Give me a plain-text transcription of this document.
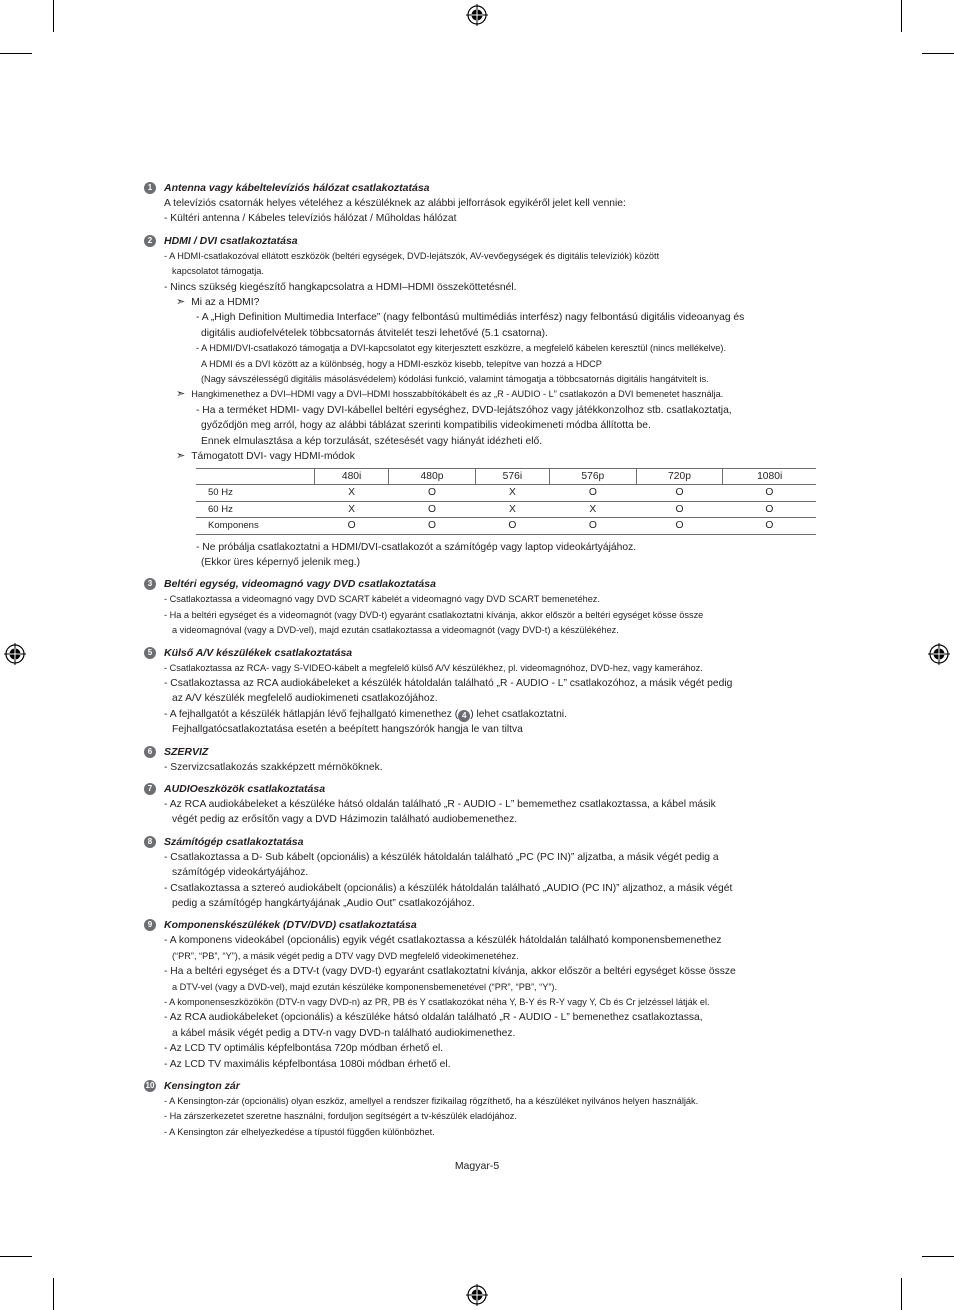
1	Antenna vagy kábeltelevíziós hálózat csatlakoztatása
A televíziós csatornák helyes vételéhez a készüléknek az alábbi jelforrások egyikéről jelet kell vennie:
- Kültéri antenna / Kábeles televíziós hálózat / Műholdas hálózat
2	HDMI / DVI csatlakoztatása
- A HDMI-csatlakozóval ellátott eszközök (beltéri egységek, DVD-lejátszók, AV-vevőegységek és digitális televíziók) között
kapcsolatot támogatja.
- Nincs szükség kiegészítő hangkapcsolatra a HDMI–HDMI összeköttetésnél.
➣ Mi az a HDMI?
- A „High Definition Multimedia Interface” (nagy felbontású multimédiás interfész) nagy felbontású digitális videoanyag és
digitális audiofelvételek többcsatornás átvitelét teszi lehetővé (5.1 csatorna).
- A HDMI/DVI-csatlakozó támogatja a DVI-kapcsolatot egy kiterjesztett eszközre, a megfelelő kábelen keresztül (nincs mellékelve).
A HDMI és a DVI között az a különbség, hogy a HDMI-eszköz kisebb, telepítve van hozzá a HDCP
(Nagy sávszélességű digitális másolásvédelem) kódolási funkció, valamint támogatja a többcsatornás digitális hangátvitelt is.
➣ Hangkimenethez a DVI–HDMI vagy a DVI–HDMI hosszabbítókábelt és az „R - AUDIO - L” csatlakozón a DVI bemenetet használja.
- Ha a terméket HDMI- vagy DVI-kábellel beltéri egységhez, DVD-lejátszóhoz vagy játékkonzolhoz stb. csatlakoztatja,
győződjön meg arról, hogy az alábbi táblázat szerinti kompatibilis videokimeneti módba állította be.
Ennek elmulasztása a kép torzulását, szétesését vagy hiányát idézheti elő.
➣ Támogatott DVI- vagy HDMI-módok
	480i	480p	576i	576p	720p	1080i
50 Hz	X	O	X	O	O	O
60 Hz	X	O	X	X	O	O
Komponens	O	O	O	O	O	O
- Ne próbálja csatlakoztatni a HDMI/DVI-csatlakozót a számítógép vagy laptop videokártyájához.
(Ekkor üres képernyő jelenik meg.)
3	Beltéri egység, videomagnó vagy DVD csatlakoztatása
- Csatlakoztassa a videomagnó vagy DVD SCART kábelét a videomagnó vagy DVD SCART bemenetéhez.
- Ha a beltéri egységet és a videomagnót (vagy DVD-t) egyaránt csatlakoztatni kívánja, akkor először a beltéri egységet kösse össze
a videomagnóval (vagy a DVD-vel), majd ezután csatlakoztassa a videomagnót (vagy DVD-t) a készülékéhez.
5	Külső A/V készülékek csatlakoztatása
- Csatlakoztassa az RCA- vagy S-VIDEO-kábelt a megfelelő külső A/V készülékhez, pl. videomagnóhoz, DVD-hez, vagy kamerához.
- Csatlakoztassa az RCA audiokábeleket a készülék hátoldalán található „R - AUDIO - L” csatlakozóhoz, a másik végét pedig
az A/V készülék megfelelő audiokimeneti csatlakozójához.
- A fejhallgatót a készülék hátlapján lévő fejhallgató kimenethez ( 4 ) lehet csatlakoztatni.
Fejhallgatócsatlakoztatása esetén a beépített hangszórók hangja le van tiltva
6	SZERVIZ
- Szervizcsatlakozás szakképzett mérnököknek.
7	AUDIOeszközök csatlakoztatása
- Az RCA audiokábeleket a készüléke hátsó oldalán található „R - AUDIO - L” bememethez csatlakoztassa, a kábel másik
végét pedig az erősítőn vagy a DVD Házimozin található audiobemenethez.
8	Számítógép csatlakoztatása
- Csatlakoztassa a D- Sub kábelt (opcionális) a készülék hátoldalán található „PC (PC IN)” aljzatba, a másik végét pedig a
számítógép videokártyájához.
- Csatlakoztassa a sztereó audiokábelt (opcionális) a készülék hátoldalán található „AUDIO (PC IN)” aljzathoz, a másik végét
pedig a számítógép hangkártyájának „Audio Out” csatlakozójához.
9	Komponenskészülékek (DTV/DVD) csatlakoztatása
- A komponens videokábel (opcionális) egyik végét csatlakoztassa a készülék hátoldalán található komponensbemenethez
(“PR”, “PB”, “Y”), a másik végét pedig a DTV vagy DVD megfelelő videokimenetéhez.
- Ha a beltéri egységet és a DTV-t (vagy DVD-t) egyaránt csatlakoztatni kívánja, akkor először a beltéri egységet kösse össze
a DTV-vel (vagy a DVD-vel), majd ezután készüléke komponensbemenetével (“PR”, “PB”, “Y”).
- A komponenseszközökön (DTV-n vagy DVD-n) az PR, PB és Y csatlakozókat néha Y, B-Y és R-Y vagy Y, Cb és Cr jelzéssel látják el.
- Az RCA audiokábeleket (opcionális) a készüléke hátsó oldalán található „R - AUDIO - L” bemenethez csatlakoztassa,
a kábel másik végét pedig a DTV-n vagy DVD-n található audiokimenethez.
- Az LCD TV optimális képfelbontása 720p módban érhető el.
- Az LCD TV maximális képfelbontása 1080i módban érhető el.
10 Kensington zár
- A Kensington-zár (opcionális) olyan eszköz, amellyel a rendszer fizikailag rögzíthető, ha a készüléket nyilvános helyen használják.
- Ha zárszerkezetet szeretne használni, forduljon segítségért a tv-készülék eladójához.
- A Kensington zár elhelyezkedése a típustól függően különbözhet.
Magyar-5
